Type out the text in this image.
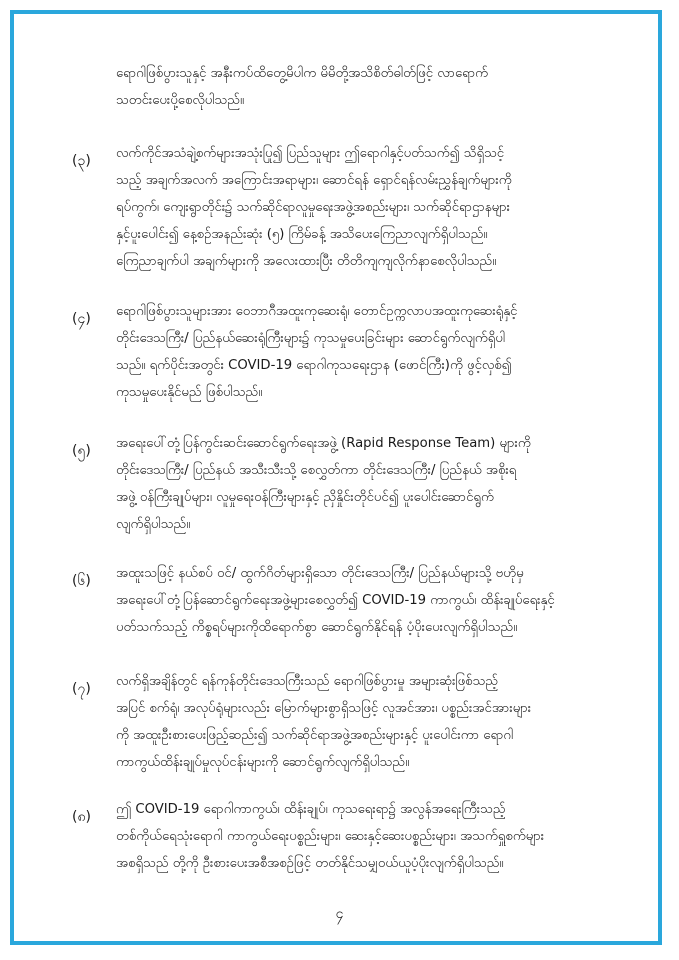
ရောဂါဖြစ်ပွားသူနှင့် အနီးကပ်ထိတွေ့မိပါက မိမိတို့အသိစိတ်ဓါတ်ဖြင့် လာရောက်
သတင်းပေးပို့စေလိုပါသည်။
(၃)	လက်ကိုင်အသံချဲ့စက်များအသုံးပြု၍ ပြည်သူများ ဤရောဂါနှင့်ပတ်သက်၍ သိရှိသင့်
သည့် အချက်အလက် အကြောင်းအရာများ၊ ဆောင်ရန် ရှောင်ရန်လမ်းညွှန်ချက်များကို
ရပ်ကွက်၊ ကျေးရွာတိုင်း၌ သက်ဆိုင်ရာလူမှုရေးအဖွဲ့အစည်းများ၊ သက်ဆိုင်ရာဌာနများ
နှင့်ပူးပေါင်း၍ နေ့စဉ်အနည်းဆုံး (၅) ကြိမ်ခန့် အသိပေးကြေညာလျက်ရှိပါသည်။
ကြေညာချက်ပါ အချက်များကို အလေးထားပြီး တိတိကျကျလိုက်နာစေလိုပါသည်။
(၄)	ရောဂါဖြစ်ပွားသူများအား ဝေဘာဂီအထူးကုဆေးရုံ၊ တောင်ဥက္ကလာပအထူးကုဆေးရုံနှင့်
တိုင်းဒေသကြီး/ ပြည်နယ်ဆေးရုံကြီးများ၌ ကုသမှုပေးခြင်းများ ဆောင်ရွက်လျက်ရှိပါ
သည်။ ရက်ပိုင်းအတွင်း COVID-19 ရောဂါကုသရေးဌာန (ဖောင်ကြီး)ကို ဖွင့်လှစ်၍
ကုသမှုပေးနိုင်မည် ဖြစ်ပါသည်။
(၅)	အရေးပေါ်တုံ့ပြန်ကွင်းဆင်းဆောင်ရွက်ရေးအဖွဲ့ (Rapid Response Team) များကို
တိုင်းဒေသကြီး/ ပြည်နယ် အသီးသီးသို့ စေလွှတ်ကာ တိုင်းဒေသကြီး/ ပြည်နယ် အစိုးရ
အဖွဲ့ ဝန်ကြီးချုပ်များ၊ လူမှုရေးဝန်ကြီးများနှင့် ညှိနှိုင်းတိုင်ပင်၍ ပူးပေါင်းဆောင်ရွက်
လျက်ရှိပါသည်။
(၆)	အထူးသဖြင့် နယ်စပ် ဝင်/ ထွက်ဂိတ်များရှိသော တိုင်းဒေသကြီး/ ပြည်နယ်များသို့ ဗဟိုမှ
အရေးပေါ်တုံ့ပြန်ဆောင်ရွက်ရေးအဖွဲ့များစေလွှတ်၍ COVID-19 ကာကွယ်၊ ထိန်းချုပ်ရေးနှင့်
ပတ်သက်သည့် ကိစ္စရပ်များကိုထိရောက်စွာ ဆောင်ရွက်နိုင်ရန် ပံ့ပိုးပေးလျက်ရှိပါသည်။
(၇)	လက်ရှိအချိန်တွင် ရန်ကုန်တိုင်းဒေသကြီးသည် ရောဂါဖြစ်ပွားမှု အများဆုံးဖြစ်သည့်
အပြင် စက်ရုံ၊ အလုပ်ရုံများလည်း မြောက်များစွာရှိသဖြင့် လူအင်အား၊ ပစ္စည်းအင်အားများ
ကို အထူးဦးစားပေးဖြည့်ဆည်း၍ သက်ဆိုင်ရာအဖွဲ့အစည်းများနှင့် ပူးပေါင်းကာ ရောဂါ
ကာကွယ်ထိန်းချုပ်မှုလုပ်ငန်းများကို ဆောင်ရွက်လျက်ရှိပါသည်။
(၈)	ဤ COVID-19 ရောဂါကာကွယ်၊ ထိန်းချုပ်၊ ကုသရေးရာ၌ အလွန်အရေးကြီးသည့်
တစ်ကိုယ်ရေသုံးရောဂါ ကာကွယ်ရေးပစ္စည်းများ၊ ဆေးနှင့်ဆေးပစ္စည်းများ၊ အသက်ရှူစက်များ
အစရှိသည် တို့ကို ဦးစားပေးအစီအစဉ်ဖြင့် တတ်နိုင်သမျှဝယ်ယူပံ့ပိုးလျက်ရှိပါသည်။
၄
